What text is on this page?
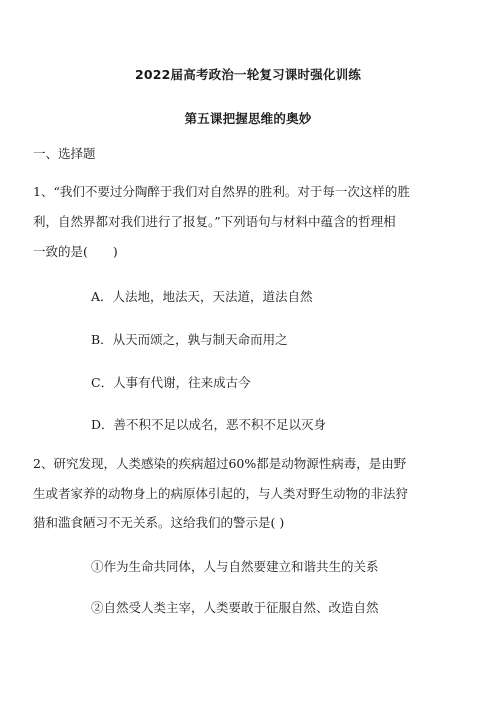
2022届高考政治一轮复习课时强化训练
第五课把握思维的奥妙
一、选择题
1、“我们不要过分陶醉于我们对自然界的胜利。对于每一次这样的胜
利，自然界都对我们进行了报复。”下列语句与材料中蕴含的哲理相
一致的是(　　)
A．人法地，地法天，天法道，道法自然
B．从天而颂之，孰与制天命而用之
C．人事有代谢，往来成古今
D．善不积不足以成名，恶不积不足以灭身
2、研究发现，人类感染的疾病超过60%都是动物源性病毒，是由野
生或者家养的动物身上的病原体引起的，与人类对野生动物的非法狩
猎和滥食陋习不无关系。这给我们的警示是( )
①作为生命共同体，人与自然要建立和谐共生的关系
②自然受人类主宰，人类要敢于征服自然、改造自然
